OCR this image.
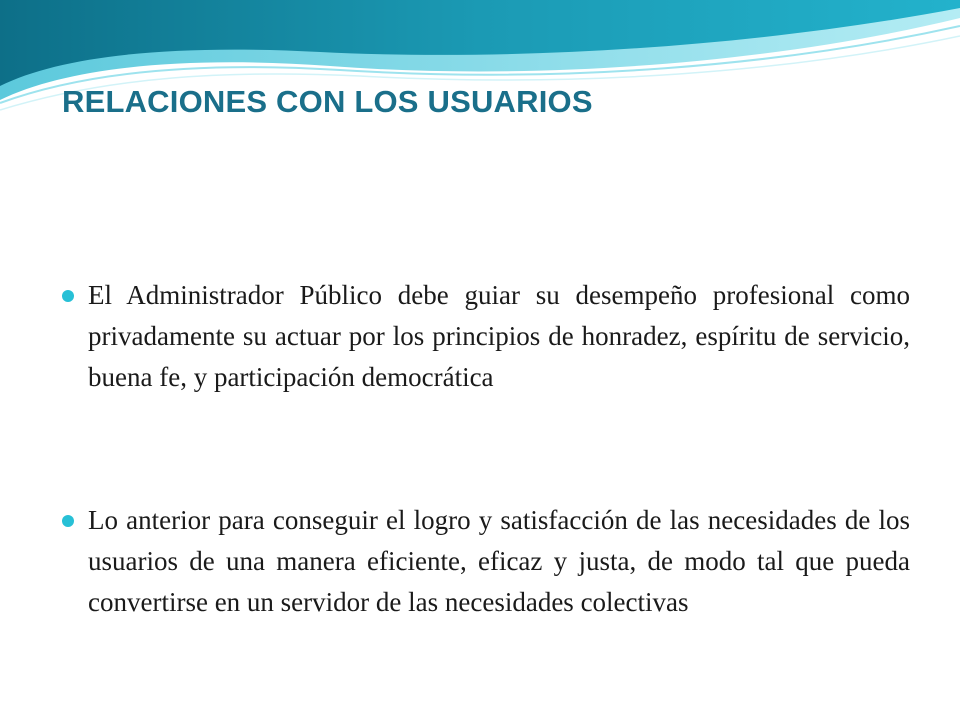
RELACIONES CON LOS USUARIOS
El Administrador Público debe guiar su desempeño profesional como privadamente su actuar por los principios de honradez, espíritu de servicio, buena fe, y participación democrática
Lo anterior para conseguir el logro y satisfacción de las necesidades de los usuarios de una manera eficiente, eficaz y justa, de modo tal que pueda convertirse en un servidor de las necesidades colectivas
